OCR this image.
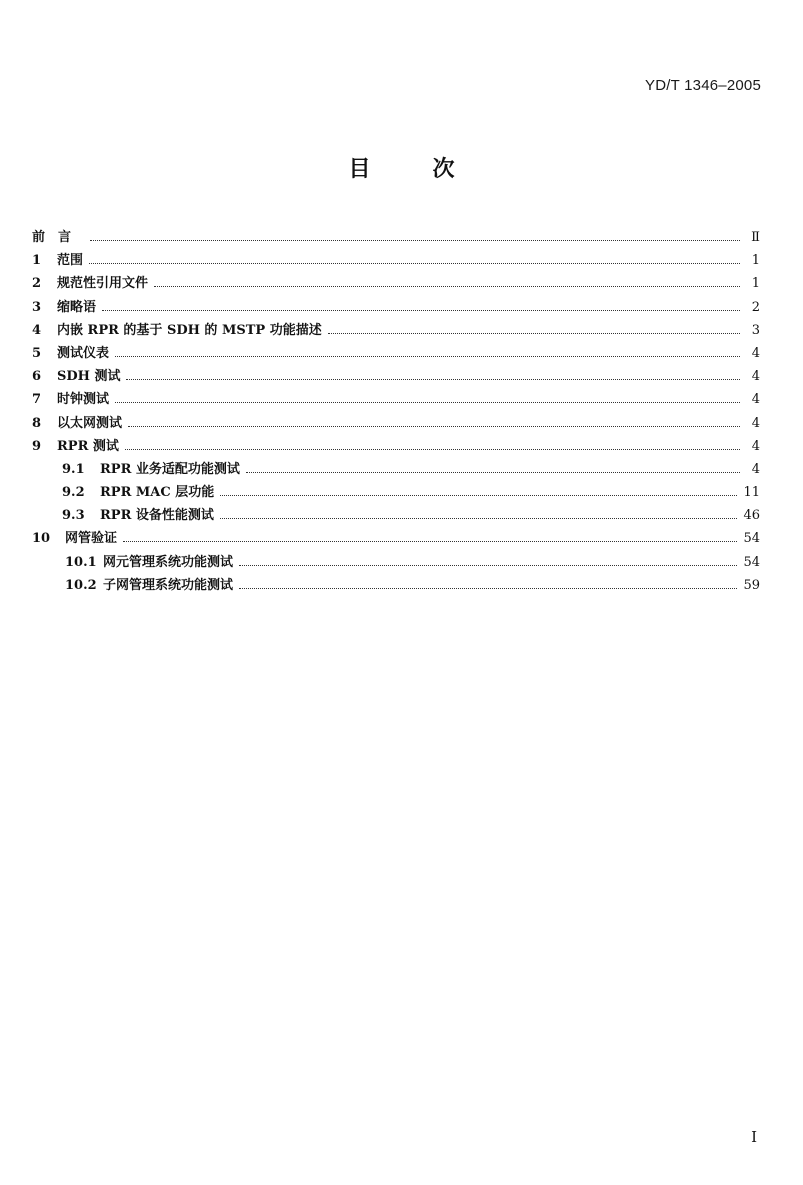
YD/T 1346–2005
目	次
前言	Ⅱ
1	范围	1
2	规范性引用文件	1
3	缩略语	2
4	内嵌 RPR 的基于 SDH 的 MSTP 功能描述	3
5	测试仪表	4
6	SDH 测试	4
7	时钟测试	4
8	以太网测试	4
9	RPR 测试	4
9.1	RPR 业务适配功能测试	4
9.2	RPR MAC 层功能	11
9.3	RPR 设备性能测试	46
10	网管验证	54
10.1 网元管理系统功能测试	54
10.2 子网管理系统功能测试	59
I
